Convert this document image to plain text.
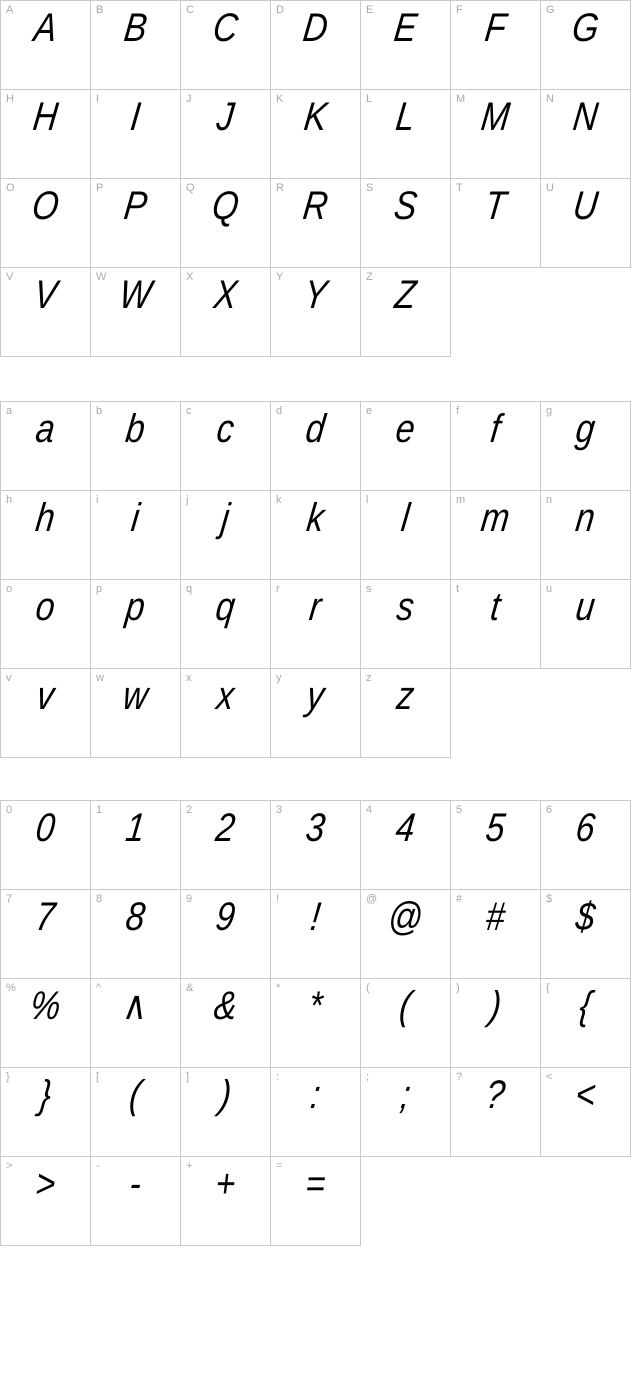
A A	B B	C C	D D	E E	F F	G G
H H	I I	J J	K K	L L	M M	N N
O O	P P	Q Q	R R	S S	T T	U U
V V	W W	X X	Y Y	Z Z
a a	b b	c c	d d	e e	f f	g g
h h	i i	j j	k k	l l	m m	n n
o o	p p	q q	r r	s s	t t	u u
v v	w w	x x	y y	z z
0 0	1 1	2 2	3 3	4 4	5 5	6 6
7 7	8 8	9 9	! !	@ @	# #	$ $
% %	^ ∧	& &	* *	( (	) )	{ {
} }	[ (	] )	: :	; ;	? ?	< <
> >	- -	+ +	= =
